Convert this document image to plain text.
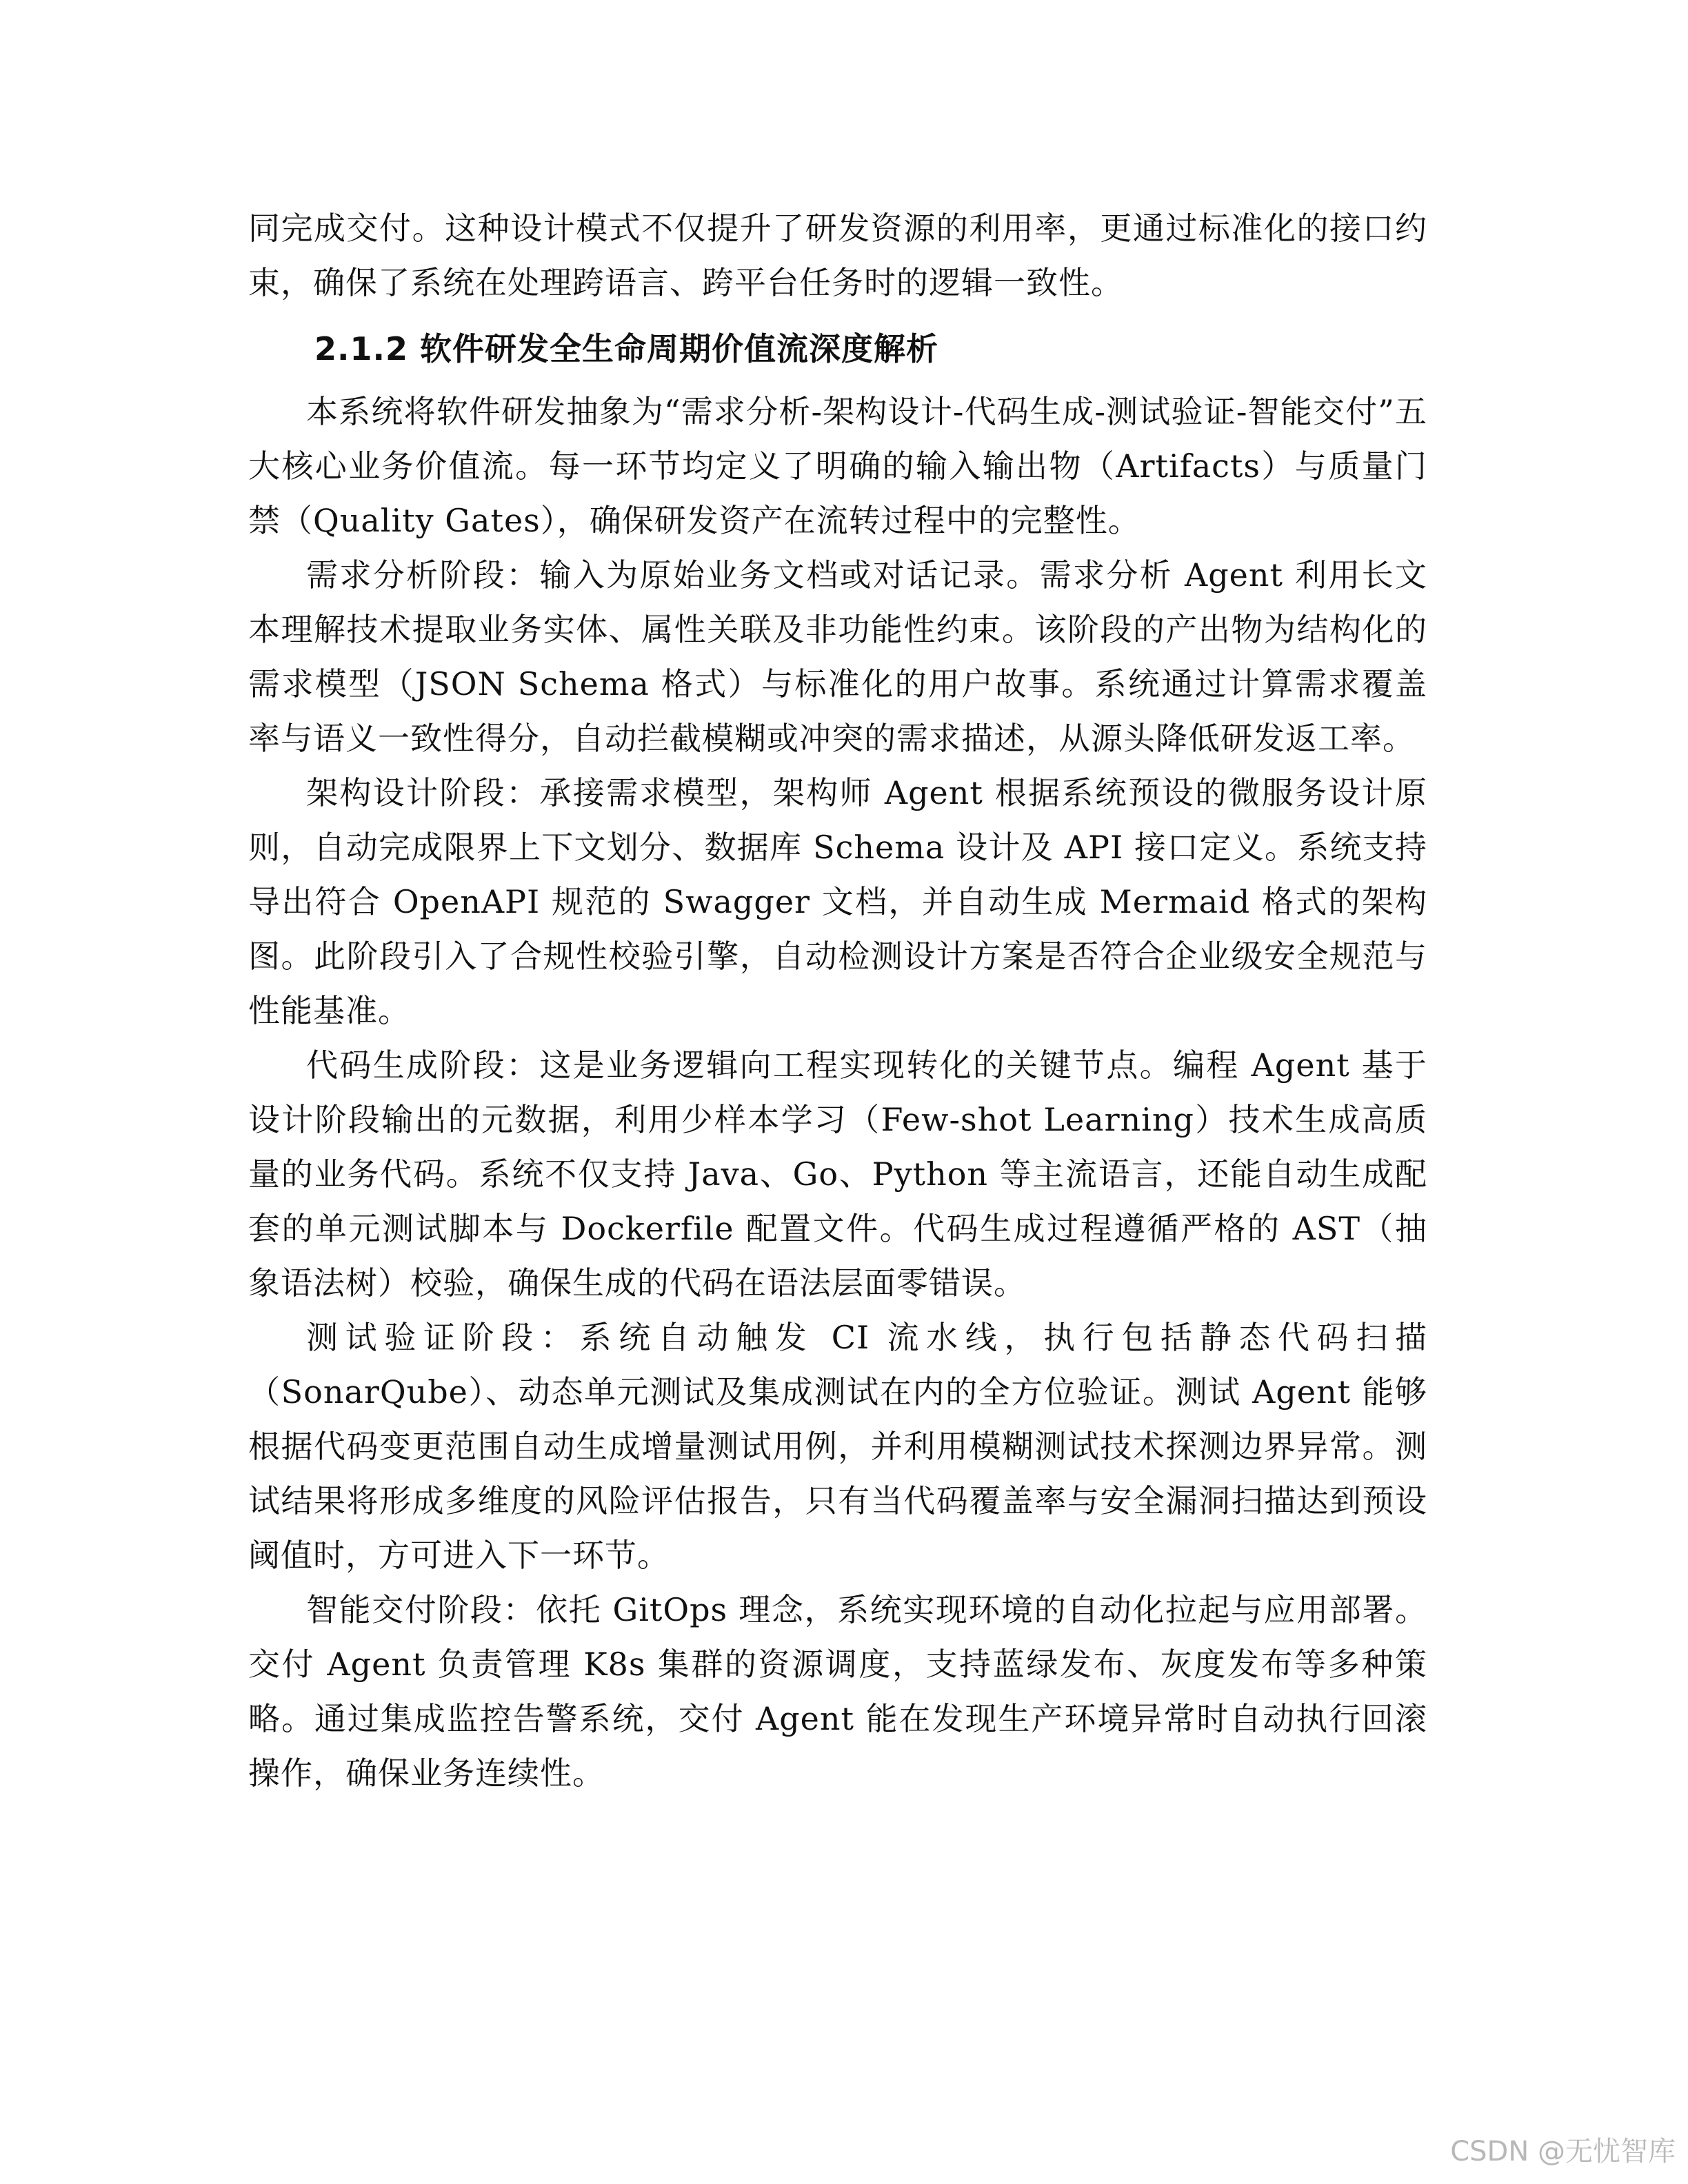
同完成交付。这种设计模式不仅提升了研发资源的利用率，更通过标准化的接口约束，确保了系统在处理跨语言、跨平台任务时的逻辑一致性。

2.1.2 软件研发全生命周期价值流深度解析

本系统将软件研发抽象为“需求分析-架构设计-代码生成-测试验证-智能交付”五大核心业务价值流。每一环节均定义了明确的输入输出物（Artifacts）与质量门禁（Quality Gates），确保研发资产在流转过程中的完整性。

需求分析阶段：输入为原始业务文档或对话记录。需求分析 Agent 利用长文本理解技术提取业务实体、属性关联及非功能性约束。该阶段的产出物为结构化的需求模型（JSON Schema 格式）与标准化的用户故事。系统通过计算需求覆盖率与语义一致性得分，自动拦截模糊或冲突的需求描述，从源头降低研发返工率。

架构设计阶段：承接需求模型，架构师 Agent 根据系统预设的微服务设计原则，自动完成限界上下文划分、数据库 Schema 设计及 API 接口定义。系统支持导出符合 OpenAPI 规范的 Swagger 文档，并自动生成 Mermaid 格式的架构图。此阶段引入了合规性校验引擎，自动检测设计方案是否符合企业级安全规范与性能基准。

代码生成阶段：这是业务逻辑向工程实现转化的关键节点。编程 Agent 基于设计阶段输出的元数据，利用少样本学习（Few-shot Learning）技术生成高质量的业务代码。系统不仅支持 Java、Go、Python 等主流语言，还能自动生成配套的单元测试脚本与 Dockerfile 配置文件。代码生成过程遵循严格的 AST（抽象语法树）校验，确保生成的代码在语法层面零错误。

测试验证阶段：系统自动触发 CI 流水线，执行包括静态代码扫描（SonarQube）、动态单元测试及集成测试在内的全方位验证。测试 Agent 能够根据代码变更范围自动生成增量测试用例，并利用模糊测试技术探测边界异常。测试结果将形成多维度的风险评估报告，只有当代码覆盖率与安全漏洞扫描达到预设阈值时，方可进入下一环节。

智能交付阶段：依托 GitOps 理念，系统实现环境的自动化拉起与应用部署。交付 Agent 负责管理 K8s 集群的资源调度，支持蓝绿发布、灰度发布等多种策略。通过集成监控告警系统，交付 Agent 能在发现生产环境异常时自动执行回滚操作，确保业务连续性。

CSDN @无忧智库
